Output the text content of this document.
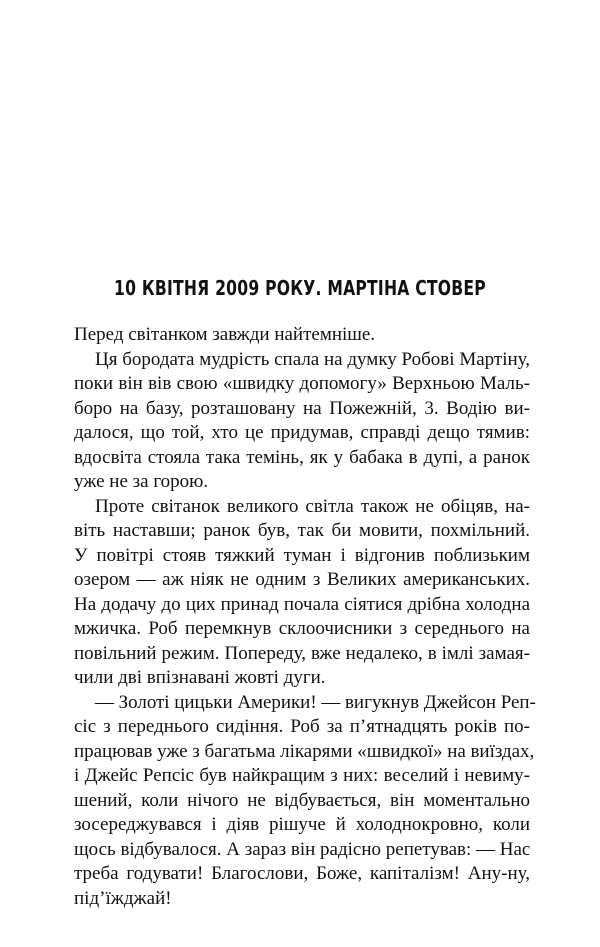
10 КВІТНЯ 2009 РОКУ. МАРТІНА СТОВЕР

Перед світанком завжди найтемніше.

Ця бородата мудрість спала на думку Робові Мартіну,
поки він вів свою «швидку допомогу» Верхньою Маль-
боро на базу, розташовану на Пожежній, 3. Водію ви-
далося, що той, хто це придумав, справді дещо тямив:
вдосвіта стояла така темінь, як у бабака в дупі, а ранок
уже не за горою.

Проте світанок великого світла також не обіцяв, на-
віть настaвши; ранок був, так би мовити, похмільний.
У повітрі стояв тяжкий туман і відгонив поблизьким
озером — аж ніяк не одним з Великих американських.
На додачу до цих принад почала сіятися дрібна холодна
мжичка. Роб перемкнув склоочисники з середнього на
повільний режим. Попереду, вже недалеко, в імлі замая-
чили дві впізнавані жовті дуги.

— Золоті цицьки Америки! — вигукнув Джейсон Реп-
сіс з переднього сидіння. Роб за п’ятнадцять років по-
працював уже з багатьма лікарями «швидкої» на виїздах,
і Джейс Репсіс був найкращим з них: веселий і невиму-
шений, коли нічого не відбувається, він моментально
зосереджувався і діяв рішуче й холоднокровно, коли
щось відбувалося. А зараз він радісно репетував: — Нас
треба годувати! Благослови, Боже, капіталізм! Ану-ну,
під’їжджай!
